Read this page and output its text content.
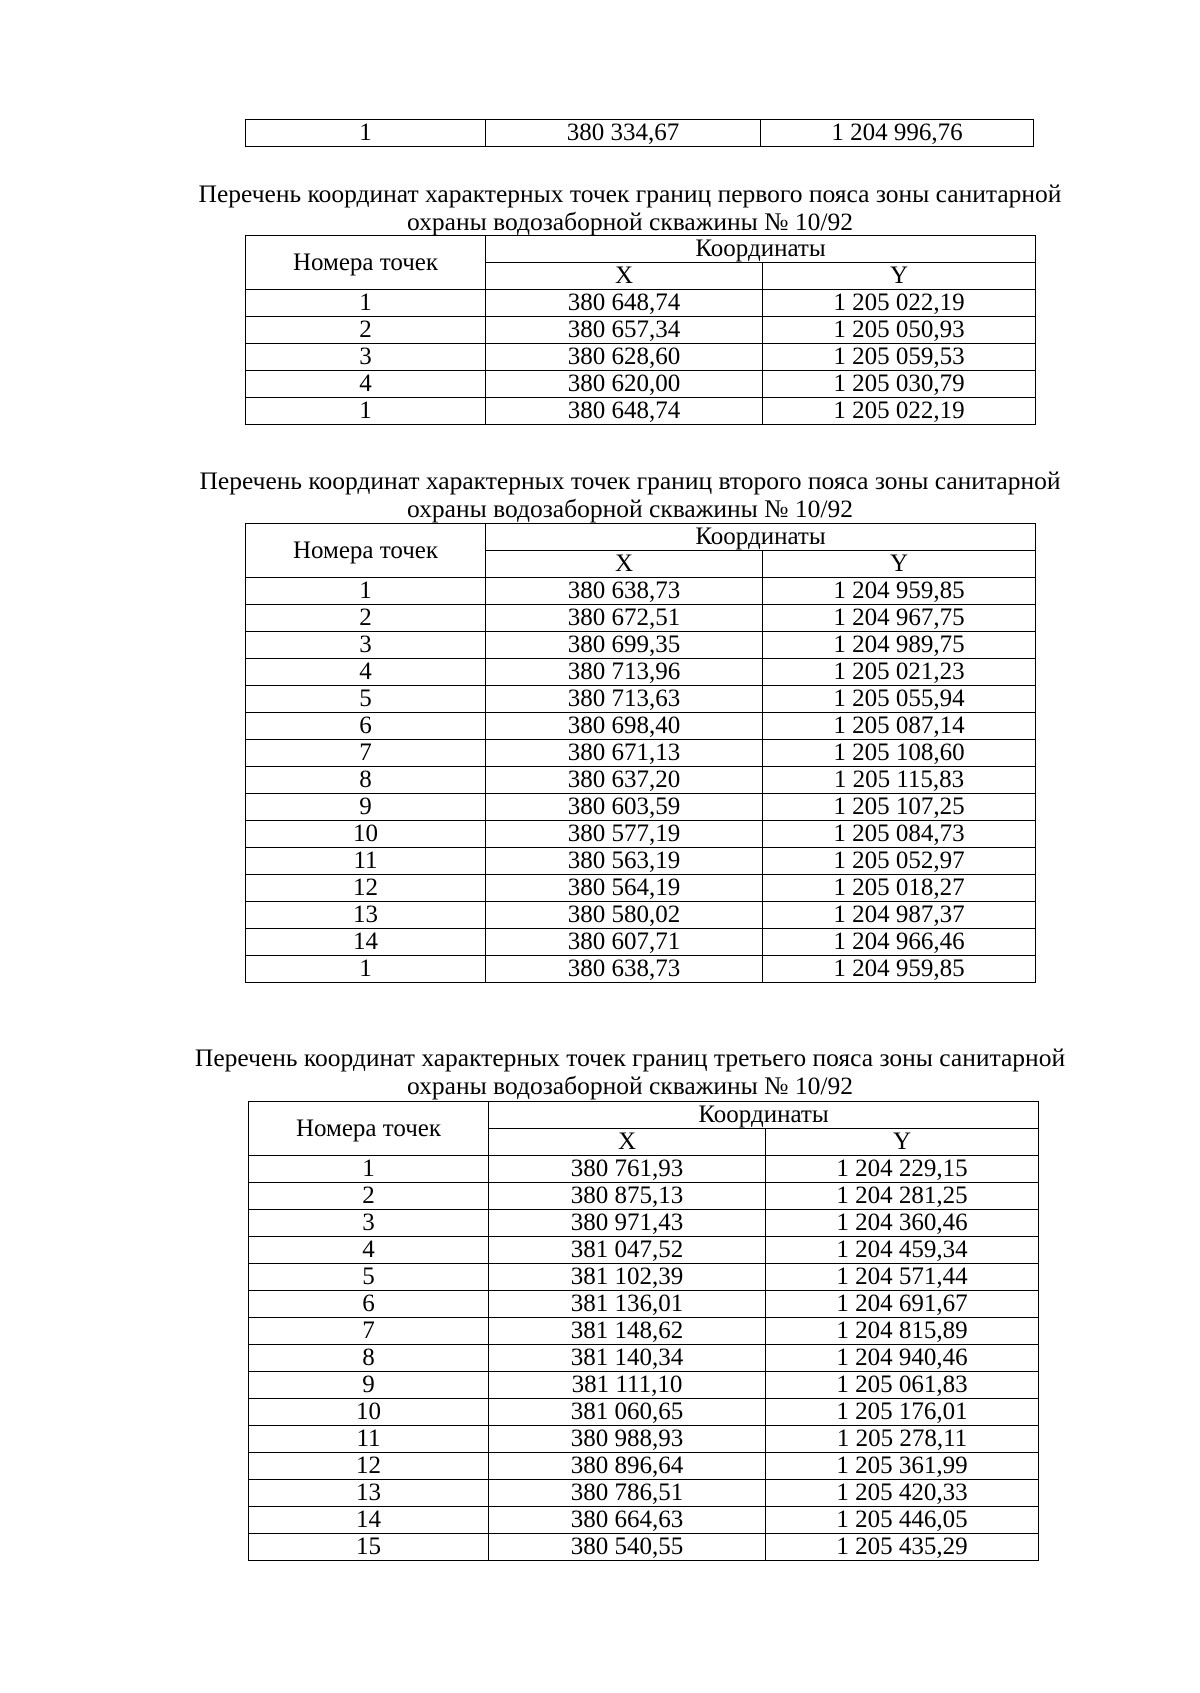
1	380 334,67	1 204 996,76

Перечень координат характерных точек границ первого пояса зоны санитарной

охраны водозаборной скважины № 10/92

Номера точек	Координаты	
	X	Y
1	380 648,74	1 205 022,19
2	380 657,34	1 205 050,93
3	380 628,60	1 205 059,53
4	380 620,00	1 205 030,79
1	380 648,74	1 205 022,19

Перечень координат характерных точек границ второго пояса зоны санитарной

охраны водозаборной скважины № 10/92

Номера точек	Координаты	
	X	Y
1	380 638,73	1 204 959,85
2	380 672,51	1 204 967,75
3	380 699,35	1 204 989,75
4	380 713,96	1 205 021,23
5	380 713,63	1 205 055,94
6	380 698,40	1 205 087,14
7	380 671,13	1 205 108,60
8	380 637,20	1 205 115,83
9	380 603,59	1 205 107,25
10	380 577,19	1 205 084,73
11	380 563,19	1 205 052,97
12	380 564,19	1 205 018,27
13	380 580,02	1 204 987,37
14	380 607,71	1 204 966,46
1	380 638,73	1 204 959,85

Перечень координат характерных точек границ третьего пояса зоны санитарной

охраны водозаборной скважины № 10/92

Номера точек	Координаты	
	X	Y
1	380 761,93	1 204 229,15
2	380 875,13	1 204 281,25
3	380 971,43	1 204 360,46
4	381 047,52	1 204 459,34
5	381 102,39	1 204 571,44
6	381 136,01	1 204 691,67
7	381 148,62	1 204 815,89
8	381 140,34	1 204 940,46
9	381 111,10	1 205 061,83
10	381 060,65	1 205 176,01
11	380 988,93	1 205 278,11
12	380 896,64	1 205 361,99
13	380 786,51	1 205 420,33
14	380 664,63	1 205 446,05
15	380 540,55	1 205 435,29
